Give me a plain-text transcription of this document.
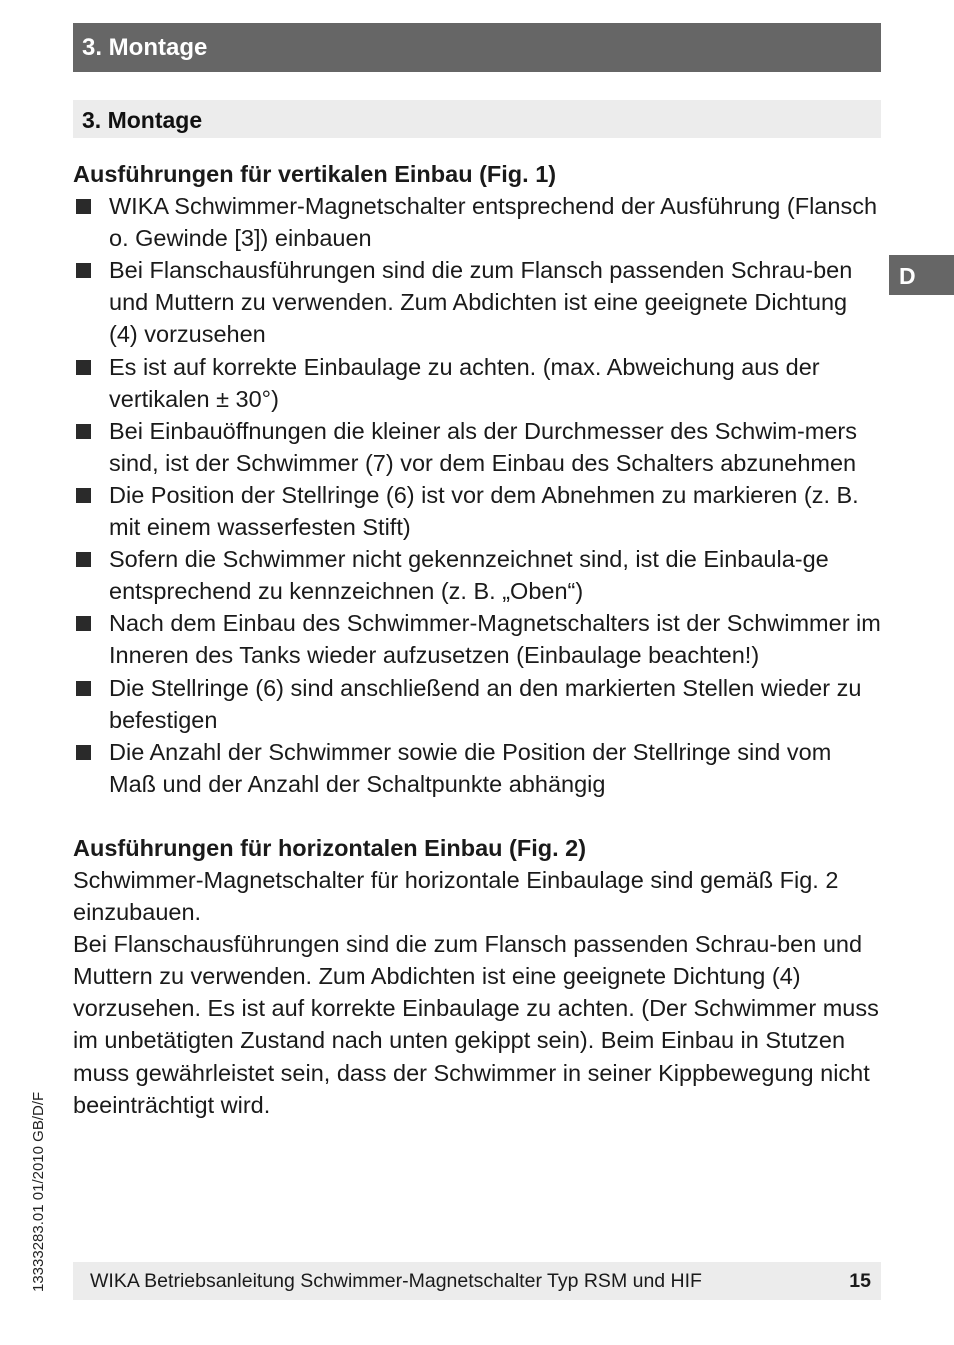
3. Montage
3. Montage
D
Ausführungen für vertikalen Einbau (Fig. 1)
WIKA Schwimmer-Magnetschalter entsprechend der Ausführung (Flansch o. Gewinde [3]) einbauen
Bei Flanschausführungen sind die zum Flansch passenden Schrau-ben und Muttern zu verwenden. Zum Abdichten ist eine geeignete Dichtung (4) vorzusehen
Es ist auf korrekte Einbaulage zu achten. (max. Abweichung aus der vertikalen ± 30°)
Bei Einbauöffnungen die kleiner als der Durchmesser des Schwim-mers sind, ist der Schwimmer (7) vor dem Einbau des Schalters abzunehmen
Die Position der Stellringe (6) ist vor dem Abnehmen zu markieren (z. B. mit einem wasserfesten Stift)
Sofern die Schwimmer nicht gekennzeichnet sind, ist die Einbaula-ge entsprechend zu kennzeichnen (z. B. „Oben“)
Nach dem Einbau des Schwimmer-Magnetschalters ist der Schwimmer im Inneren des Tanks wieder aufzusetzen (Einbaulage beachten!)
Die Stellringe (6) sind anschließend an den markierten Stellen wieder zu befestigen
Die Anzahl der Schwimmer sowie die Position der Stellringe sind vom Maß und der Anzahl der Schaltpunkte abhängig
Ausführungen für horizontalen Einbau (Fig. 2)

Schwimmer-Magnetschalter für horizontale Einbaulage sind gemäß Fig. 2 einzubauen.

Bei Flanschausführungen sind die zum Flansch passenden Schrau-ben und Muttern zu verwenden. Zum Abdichten ist eine geeignete Dichtung (4) vorzusehen. Es ist auf korrekte Einbaulage zu achten. (Der Schwimmer muss im unbetätigten Zustand nach unten gekippt sein). Beim Einbau in Stutzen muss gewährleistet sein, dass der Schwimmer in seiner Kippbewegung nicht beeinträchtigt wird.

13333283.01 01/2010 GB/D/F WIKA Betriebsanleitung Schwimmer-Magnetschalter Typ RSM und HIF	15
